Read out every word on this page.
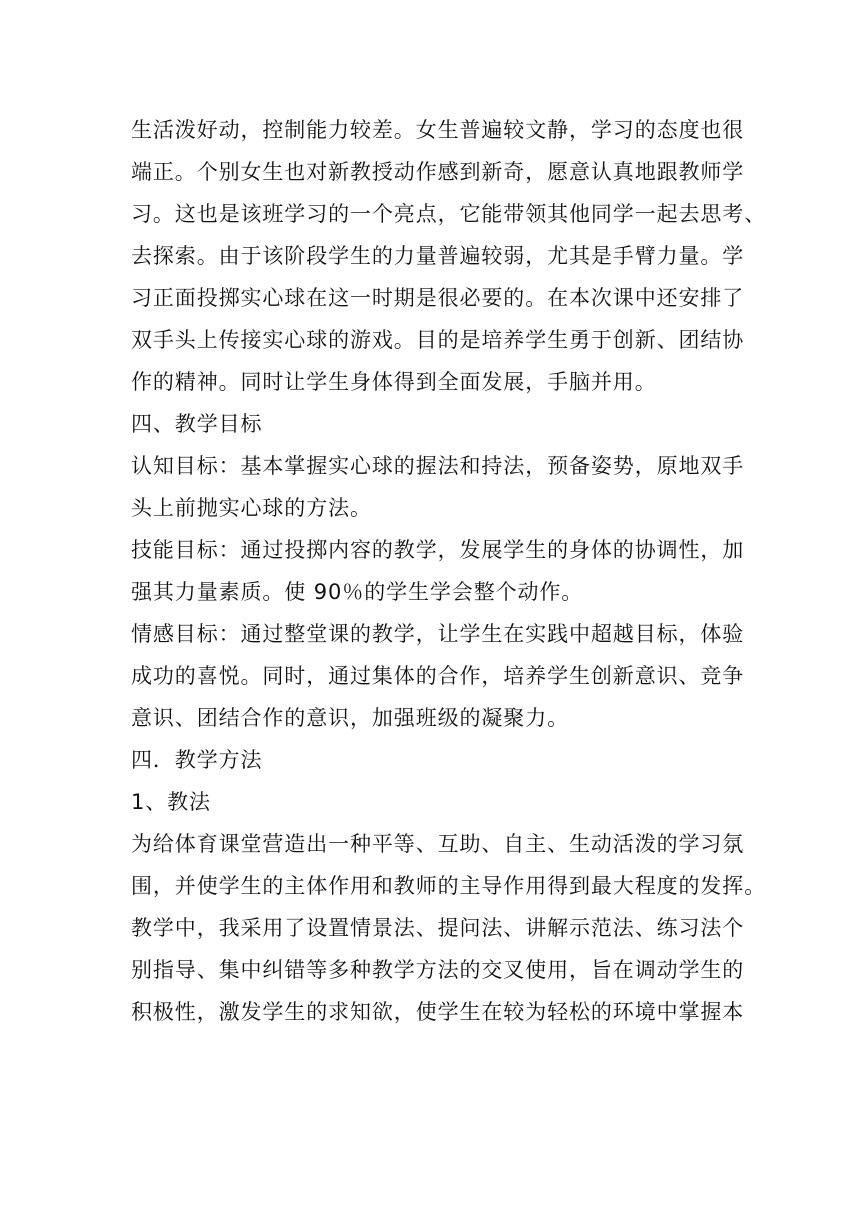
生活泼好动，控制能力较差。女生普遍较文静，学习的态度也很
端正。个别女生也对新教授动作感到新奇，愿意认真地跟教师学
习。这也是该班学习的一个亮点，它能带领其他同学一起去思考、
去探索。由于该阶段学生的力量普遍较弱，尤其是手臂力量。学
习正面投掷实心球在这一时期是很必要的。在本次课中还安排了
双手头上传接实心球的游戏。目的是培养学生勇于创新、团结协
作的精神。同时让学生身体得到全面发展，手脑并用。
四、教学目标
认知目标：基本掌握实心球的握法和持法，预备姿势，原地双手
头上前抛实心球的方法。
技能目标：通过投掷内容的教学，发展学生的身体的协调性，加
强其力量素质。使 90％的学生学会整个动作。
情感目标：通过整堂课的教学，让学生在实践中超越目标，体验
成功的喜悦。同时，通过集体的合作，培养学生创新意识、竞争
意识、团结合作的意识，加强班级的凝聚力。
四．教学方法
1、教法
为给体育课堂营造出一种平等、互助、自主、生动活泼的学习氛
围，并使学生的主体作用和教师的主导作用得到最大程度的发挥。
教学中，我采用了设置情景法、提问法、讲解示范法、练习法个
别指导、集中纠错等多种教学方法的交叉使用，旨在调动学生的
积极性，激发学生的求知欲，使学生在较为轻松的环境中掌握本
